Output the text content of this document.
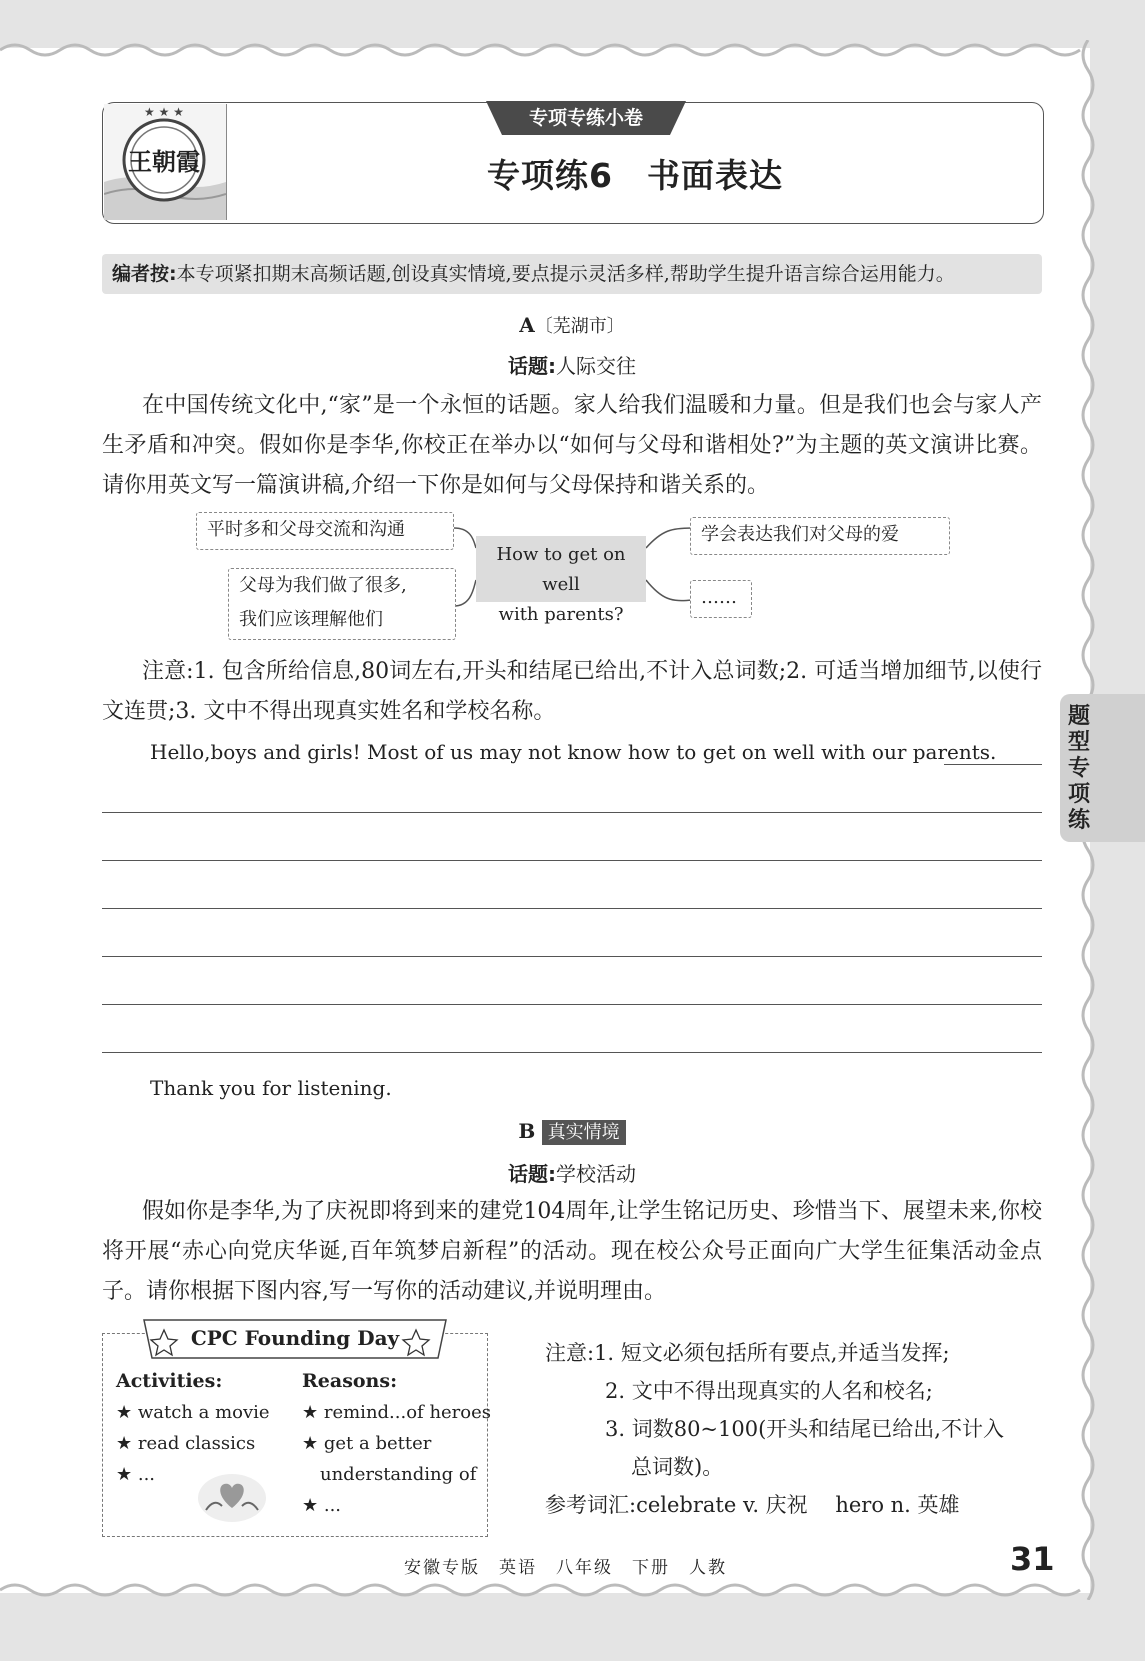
王朝霞
★ ★ ★	专项专练小卷
专项练6　书面表达
编者按:本专项紧扣期末高频话题,创设真实情境,要点提示灵活多样,帮助学生提升语言综合运用能力。
A〔芜湖市〕
话题:人际交往
在中国传统文化中,“家”是一个永恒的话题。家人给我们温暖和力量。但是我们也会与家人产生矛盾和冲突。假如你是李华,你校正在举办以“如何与父母和谐相处?”为主题的英文演讲比赛。请你用英文写一篇演讲稿,介绍一下你是如何与父母保持和谐关系的。
平时多和父母交流和沟通
父母为我们做了很多,
我们应该理解他们
How to get on well
with parents?
学会表达我们对父母的爱
……
注意:1. 包含所给信息,80词左右,开头和结尾已给出,不计入总词数;2. 可适当增加细节,以使行文连贯;3. 文中不得出现真实姓名和学校名称。
Hello,boys and girls! Most of us may not know how to get on well with our parents.
Thank you for listening.
B 真实情境
话题:学校活动
假如你是李华,为了庆祝即将到来的建党104周年,让学生铭记历史、珍惜当下、展望未来,你校将开展“赤心向党庆华诞,百年筑梦启新程”的活动。现在校公众号正面向广大学生征集活动金点子。请你根据下图内容,写一写你的活动建议,并说明理由。
CPC Founding Day
Activities:
★ watch a movie
★ read classics
★ ...
Reasons:
★ remind...of heroes
★ get a better
　understanding of
★ ...
注意:1. 短文必须包括所有要点,并适当发挥;
2. 文中不得出现真实的人名和校名;
3. 词数80~100(开头和结尾已给出,不计入
总词数)。
参考词汇:celebrate v. 庆祝　 hero n. 英雄
安徽专版　英语　八年级　下册　人教	31
题型专项练
